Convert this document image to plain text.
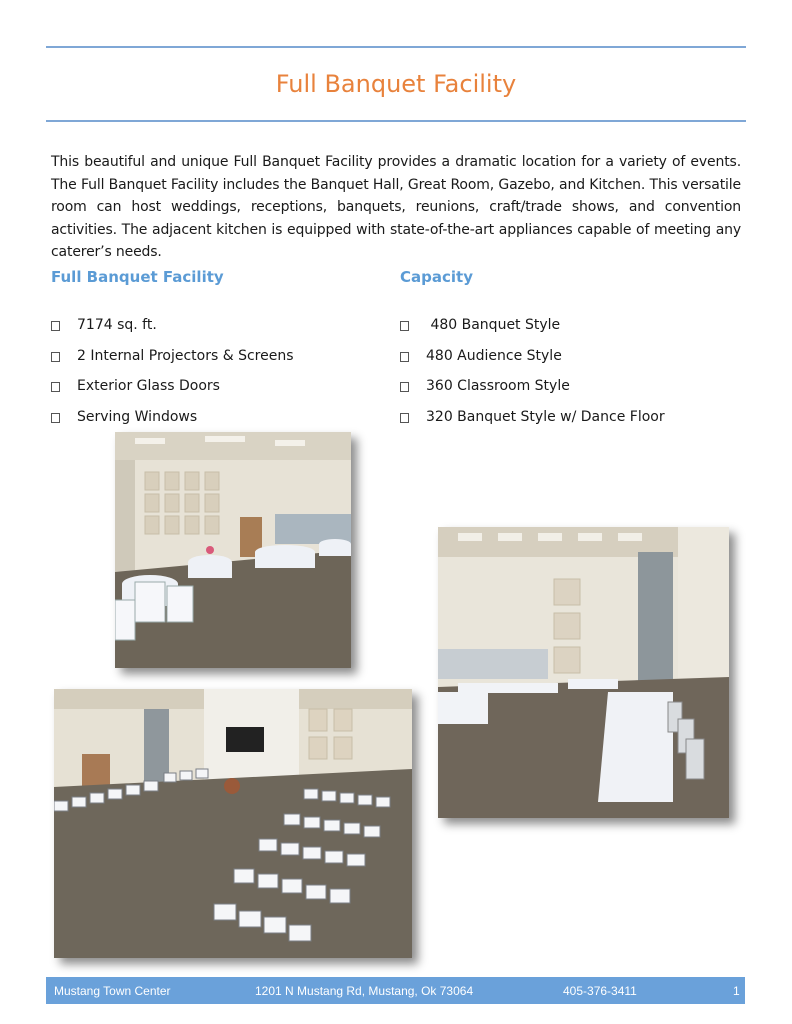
Full Banquet Facility

This beautiful and unique Full Banquet Facility provides a dramatic location for a variety of events. The Full Banquet Facility includes the Banquet Hall, Great Room, Gazebo, and Kitchen. This versatile room can host weddings, receptions, banquets, reunions, craft/trade shows, and convention activities. The adjacent kitchen is equipped with state-of-the-art appliances capable of meeting any caterer’s needs.

Full Banquet Facility	Capacity
7174 sq. ft.
2 Internal Projectors & Screens
Exterior Glass Doors
Serving Windows
480 Banquet Style
480 Audience Style
360 Classroom Style
320 Banquet Style w/ Dance Floor
Mustang Town Center	1201 N Mustang Rd, Mustang, Ok 73064	405-376-3411	1
